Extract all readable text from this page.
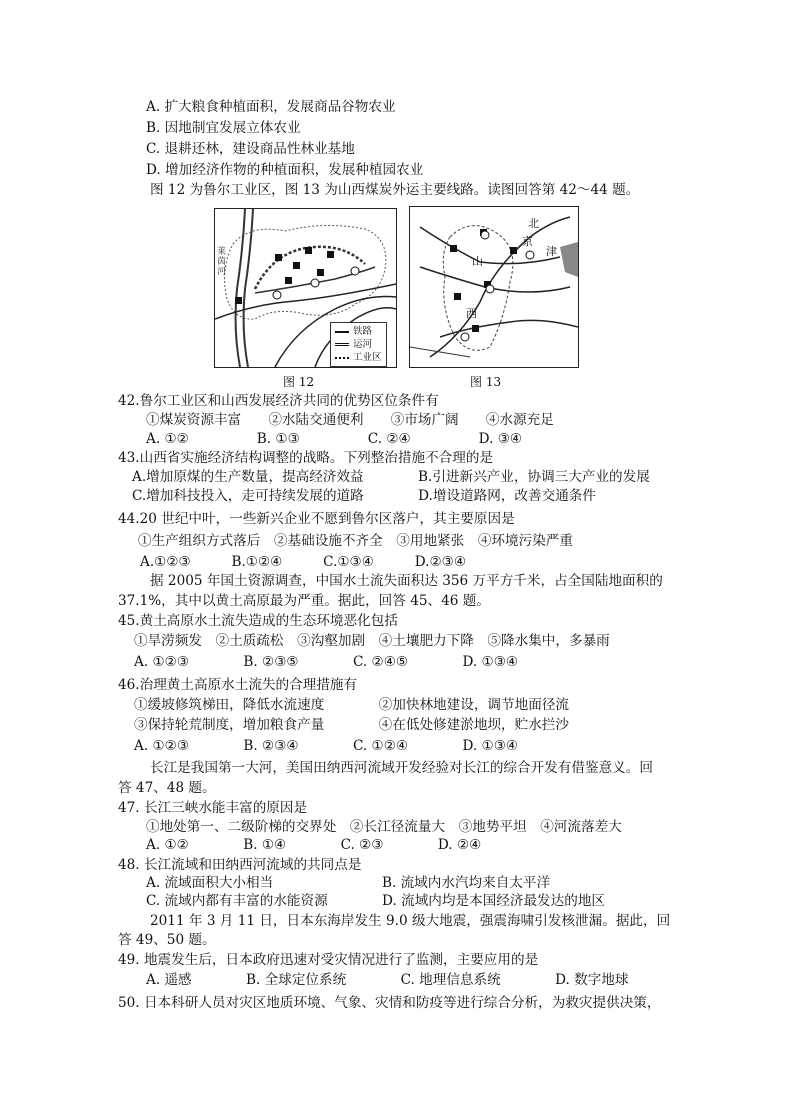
A. 扩大粮食种植面积，发展商品谷物农业
B. 因地制宜发展立体农业
C. 退耕还林，建设商品性林业基地
D. 增加经济作物的种植面积，发展种植园农业
图 12 为鲁尔工业区，图 13 为山西煤炭外运主要线路。读图回答第 42～44 题。
莱茵河
铁路
运河
工业区
图 12
北
京
津
山
西
图 13
42.鲁尔工业区和山西发展经济共同的优势区位条件有
①煤炭资源丰富　　②水陆交通便利　　③市场广阔　　④水源充足
A. ①②　　　　　B. ①③　　　　　C. ②④　　　　　D. ③④
43.山西省实施经济结构调整的战略。下列整治措施不合理的是
A.增加原煤的生产数量，提高经济效益　　　　B.引进新兴产业，协调三大产业的发展
C.增加科技投入，走可持续发展的道路　　　　D.增设道路网，改善交通条件
44.20 世纪中叶，一些新兴企业不愿到鲁尔区落户，其主要原因是
①生产组织方式落后　②基础设施不齐全　③用地紧张　④环境污染严重
A.①②③　　　B.①②④　　　C.①③④　　　D.②③④
据 2005 年国土资源调查，中国水土流失面积达 356 万平方千米，占全国陆地面积的
37.1%，其中以黄土高原最为严重。据此，回答 45、46 题。
45.黄土高原水土流失造成的生态环境恶化包括
①旱涝频发　②土质疏松　③沟壑加剧　④土壤肥力下降　⑤降水集中，多暴雨
A. ①②③　　　　B. ②③⑤　　　　C. ②④⑤　　　　D. ①③④
46.治理黄土高原水土流失的合理措施有
①缓坡修筑梯田，降低水流速度　　　　②加快林地建设，调节地面径流
③保持轮荒制度，增加粮食产量　　　　④在低处修建淤地坝，贮水拦沙
A. ①②③　　　　B. ②③④　　　　C. ①②④　　　　D. ①③④
长江是我国第一大河，美国田纳西河流域开发经验对长江的综合开发有借鉴意义。回
答 47、48 题。
47. 长江三峡水能丰富的原因是
①地处第一、二级阶梯的交界处　②长江径流量大　③地势平坦　④河流落差大
A. ①②　　　　B. ①④　　　　C. ②③　　　　D. ②④
48. 长江流域和田纳西河流域的共同点是
A. 流域面积大小相当　　　　　　　　B. 流域内水汽均来自太平洋
C. 流域内都有丰富的水能资源　　　　D. 流域内均是本国经济最发达的地区
2011 年 3 月 11 日，日本东海岸发生 9.0 级大地震，强震海啸引发核泄漏。据此，回
答 49、50 题。
49. 地震发生后，日本政府迅速对受灾情况进行了监测，主要应用的是
A. 遥感　　　　B. 全球定位系统　　　　C. 地理信息系统　　　　D. 数字地球
50. 日本科研人员对灾区地质环境、气象、灾情和防疫等进行综合分析，为救灾提供决策，
